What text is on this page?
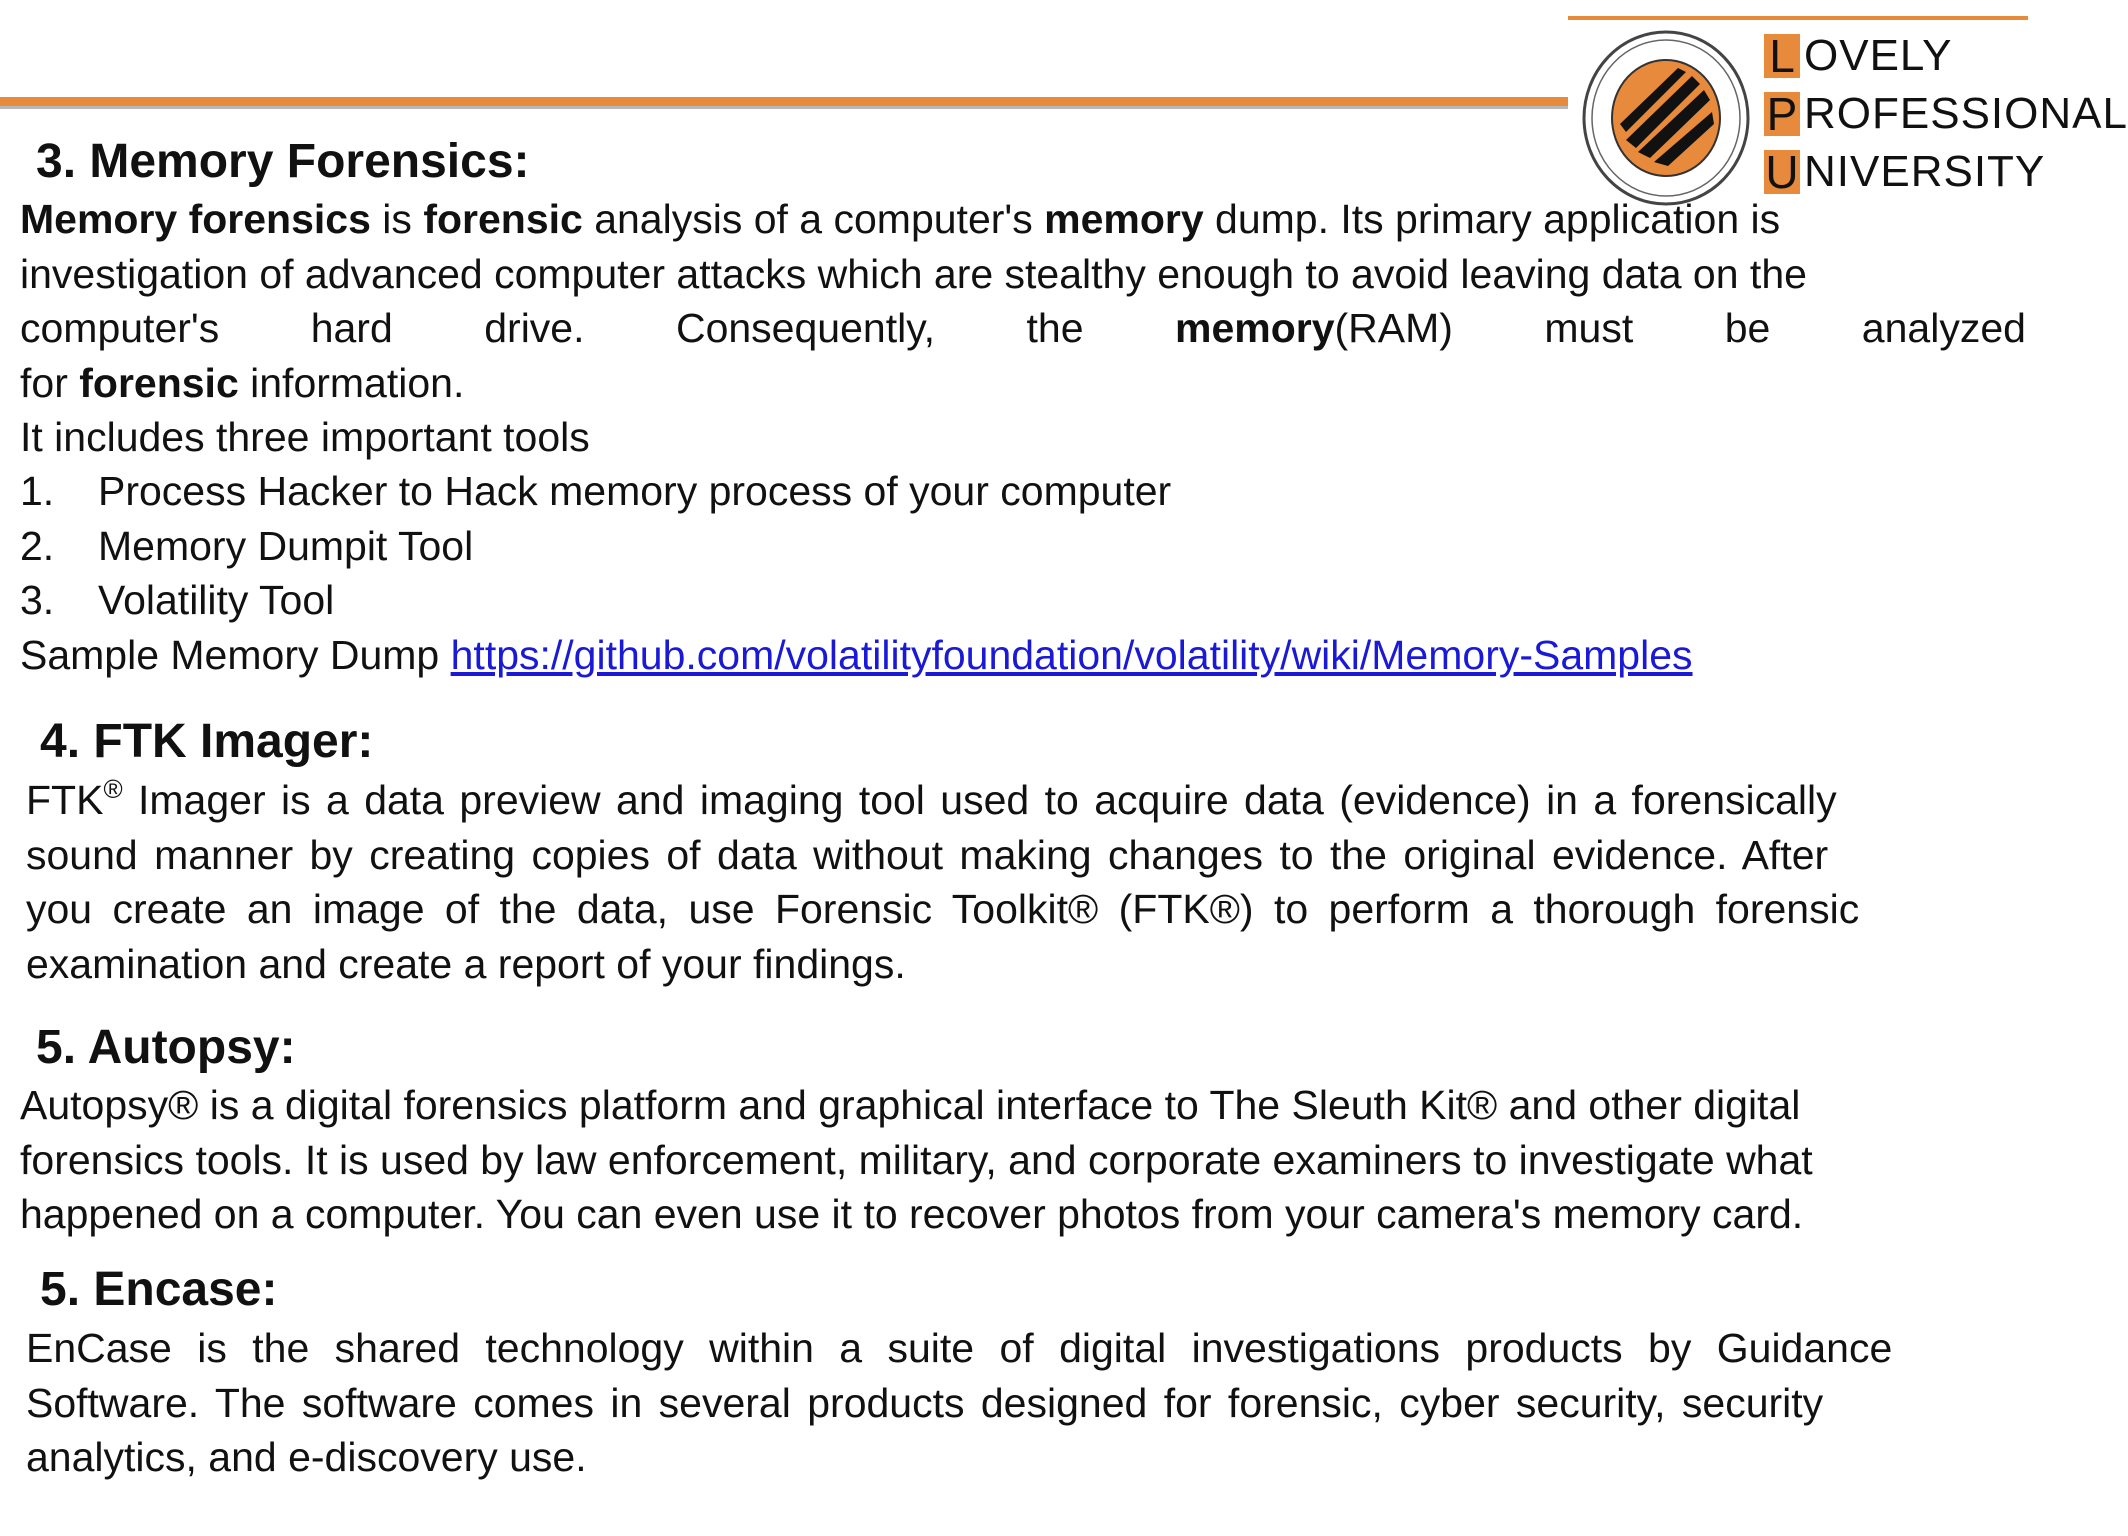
L OVELY
P ROFESSIONAL
U NIVERSITY
3. Memory Forensics:
Memory forensics is forensic analysis of a computer's memory dump. Its primary application is
investigation of advanced computer attacks which are stealthy enough to avoid leaving data on the
computer's hard drive. Consequently, the memory(RAM) must be analyzed
for forensic information.
It includes three important tools
1.	Process Hacker to Hack memory process of your computer
2.	Memory Dumpit Tool
3.	Volatility Tool
Sample Memory Dump https://github.com/volatilityfoundation/volatility/wiki/Memory-Samples
4. FTK Imager:
FTK® Imager is a data preview and imaging tool used to acquire data (evidence) in a forensically
sound manner by creating copies of data without making changes to the original evidence. After
you create an image of the data, use Forensic Toolkit® (FTK®) to perform a thorough forensic
examination and create a report of your findings.
5. Autopsy:
Autopsy® is a digital forensics platform and graphical interface to The Sleuth Kit® and other digital
forensics tools. It is used by law enforcement, military, and corporate examiners to investigate what
happened on a computer. You can even use it to recover photos from your camera's memory card.
5. Encase:
EnCase is the shared technology within a suite of digital investigations products by Guidance
Software. The software comes in several products designed for forensic, cyber security, security
analytics, and e-discovery use.
